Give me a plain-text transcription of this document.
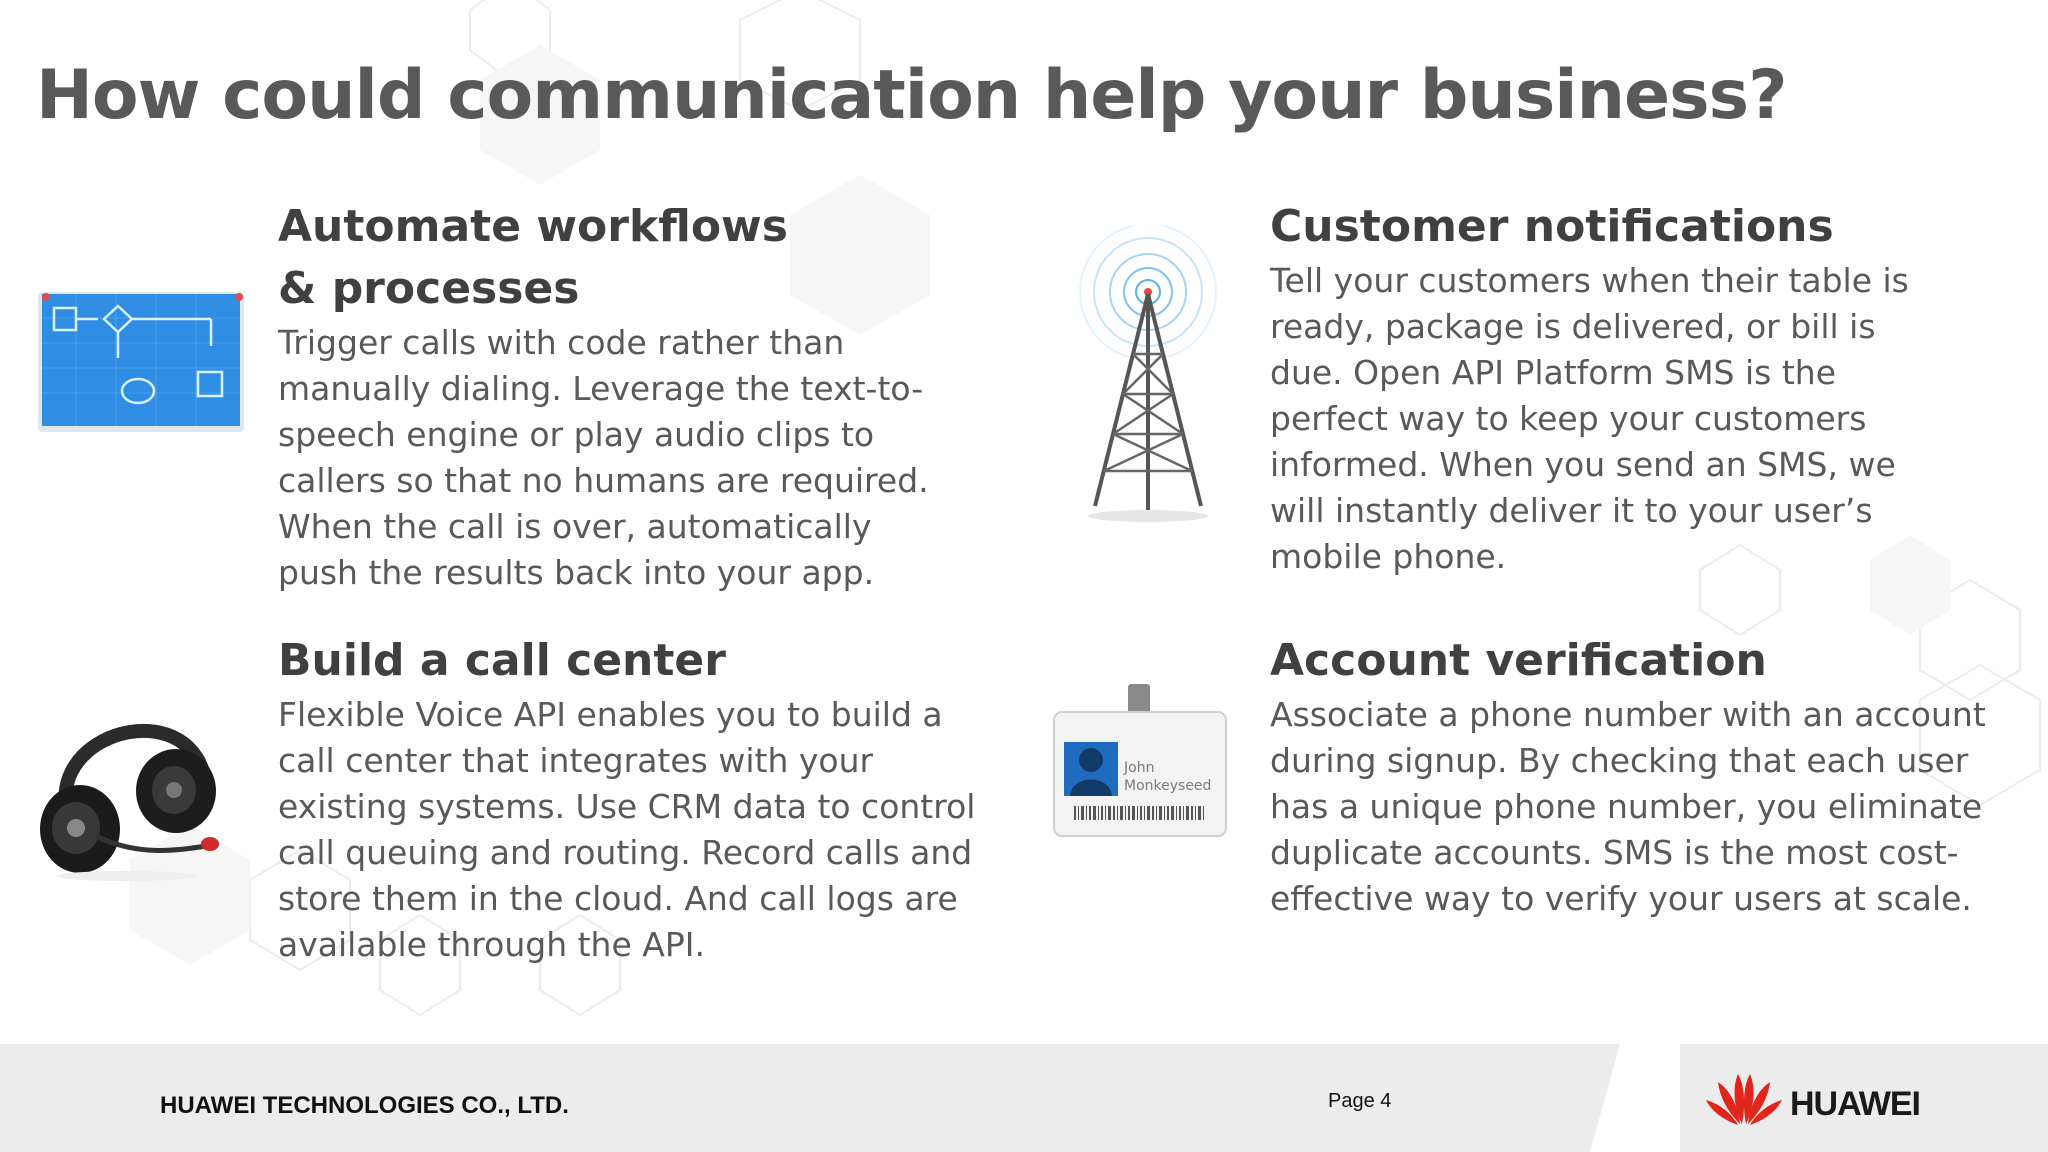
How could communication help your business?
Automate workflows & processes

Trigger calls with code rather than manually dialing. Leverage the text-to-speech engine or play audio clips to callers so that no humans are required. When the call is over, automatically push the results back into your app.

Customer notifications

Tell your customers when their table is ready, package is delivered, or bill is due. Open API Platform SMS is the perfect way to keep your customers informed. When you send an SMS, we will instantly deliver it to your user’s mobile phone.

Build a call center

Flexible Voice API enables you to build a call center that integrates with your existing systems. Use CRM data to control call queuing and routing. Record calls and store them in the cloud. And call logs are available through the API.

John
Monkeyseed
Account verification

Associate a phone number with an account during signup. By checking that each user has a unique phone number, you eliminate duplicate accounts. SMS is the most cost-effective way to verify your users at scale.

HUAWEI TECHNOLOGIES CO., LTD.	Page 4	HUAWEI
